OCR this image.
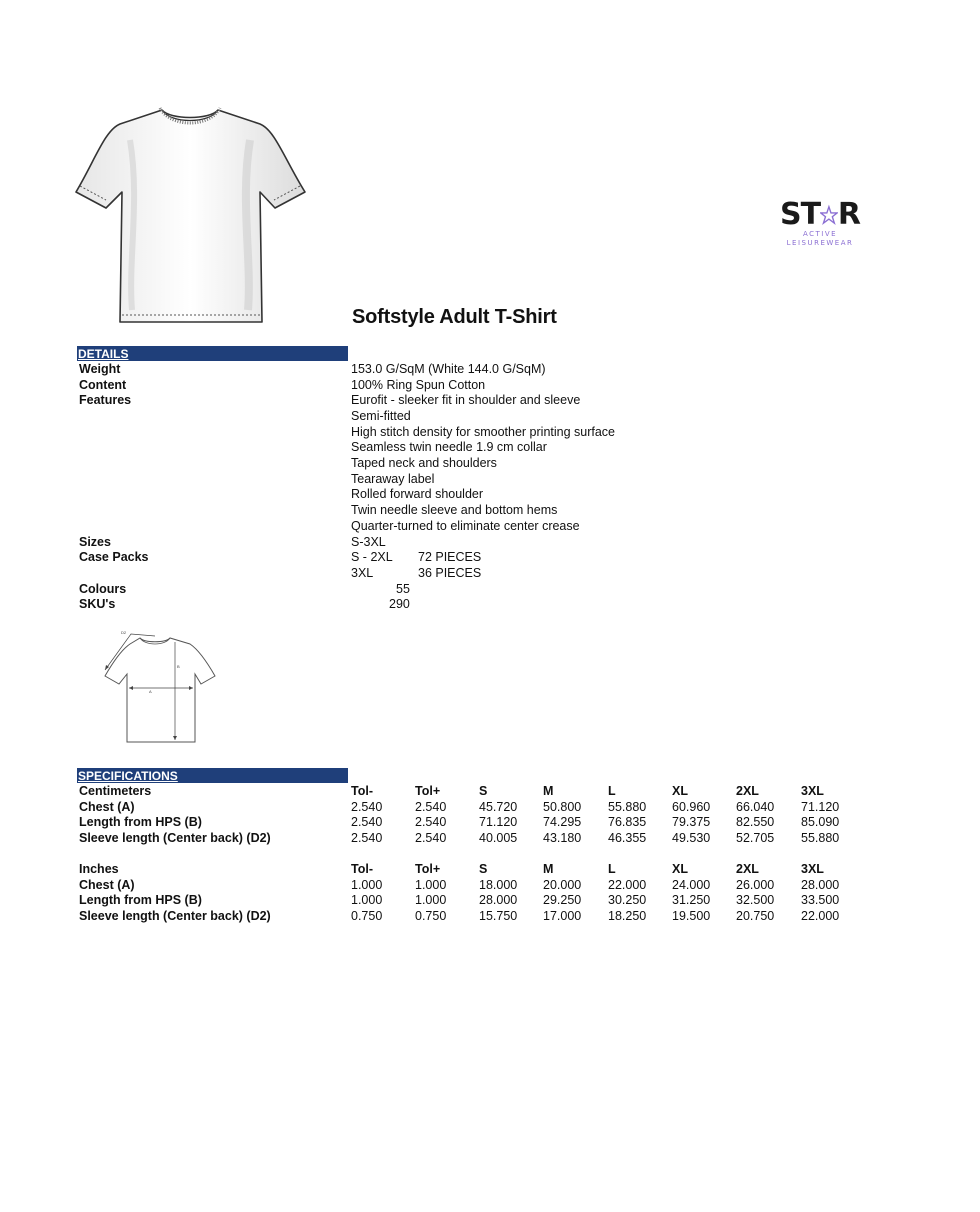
ST R
ACTIVE
LEISUREWEAR
Softstyle Adult T-Shirt
DETAILS
Weight	153.0 G/SqM (White 144.0 G/SqM)
Content	100% Ring Spun Cotton
Features	Eurofit - sleeker fit in shoulder and sleeve
Semi-fitted
High stitch density for smoother printing surface
Seamless twin needle 1.9 cm collar
Taped neck and shoulders
Tearaway label
Rolled forward shoulder
Twin needle sleeve and bottom hems
Quarter-turned to eliminate center crease
Sizes	S-3XL
Case Packs	S - 2XL 72 PIECES
3XL	36 PIECES
Colours	55
SKU's	290
A
B
D2
SPECIFICATIONS
Centimeters	Tol-	Tol+	S	M	L	XL	2XL	3XL
Chest (A)	2.540	2.540	45.720 50.800 55.880 60.960 66.040 71.120
Length from HPS (B)	2.540	2.540	71.120 74.295 76.835 79.375 82.550 85.090
Sleeve length (Center back) (D2)	2.540	2.540	40.005 43.180 46.355 49.530 52.705 55.880
Inches	Tol-	Tol+	S	M	L	XL	2XL	3XL
Chest (A)	1.000	1.000	18.000 20.000 22.000 24.000 26.000 28.000
Length from HPS (B)	1.000	1.000	28.000 29.250 30.250 31.250 32.500 33.500
Sleeve length (Center back) (D2)	0.750	0.750	15.750 17.000 18.250 19.500 20.750 22.000
